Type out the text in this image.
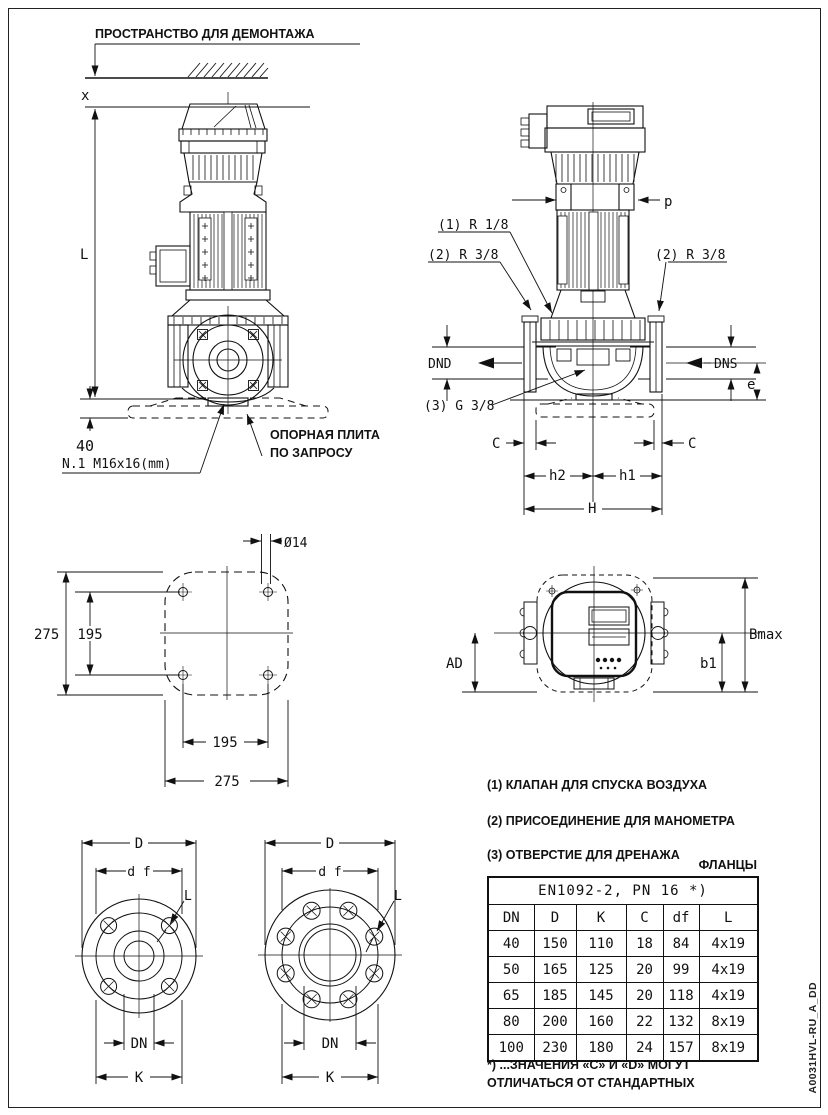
x
L
40
N.1 M16x16(mm)
p
(1) R 1/8
(2) R 3/8	(2) R 3/8
(3) G 3/8
DND	DNS
e
C	C
h2	h1
H
Ø14
275 195
195
275
AD	b1
Bmax
D
d f
L
DN
K
D
d f
L
DN
K
ПРОСТРАНСТВО ДЛЯ ДЕМОНТАЖА
ОПОРНАЯ ПЛИТА
ПО ЗАПРОСУ
(1) КЛАПАН ДЛЯ СПУСКА ВОЗДУХА
(2) ПРИСОЕДИНЕНИЕ ДЛЯ МАНОМЕТРА
(3) ОТВЕРСТИЕ ДЛЯ ДРЕНАЖА
ФЛАНЦЫ
*) ...ЗНАЧЕНИЯ «С» И «D» МОГУТ
ОТЛИЧАТЬСЯ ОТ СТАНДАРТНЫХ	A0031HVL-RU_A_DD
EN1092-2, PN 16 *)					
DN	D	K	C	df	L
40	150	110	18	84	4x19
50	165	125	20	99	4x19
65	185	145	20	118	4x19
80	200	160	22	132	8x19
100	230	180	24	157	8x19
